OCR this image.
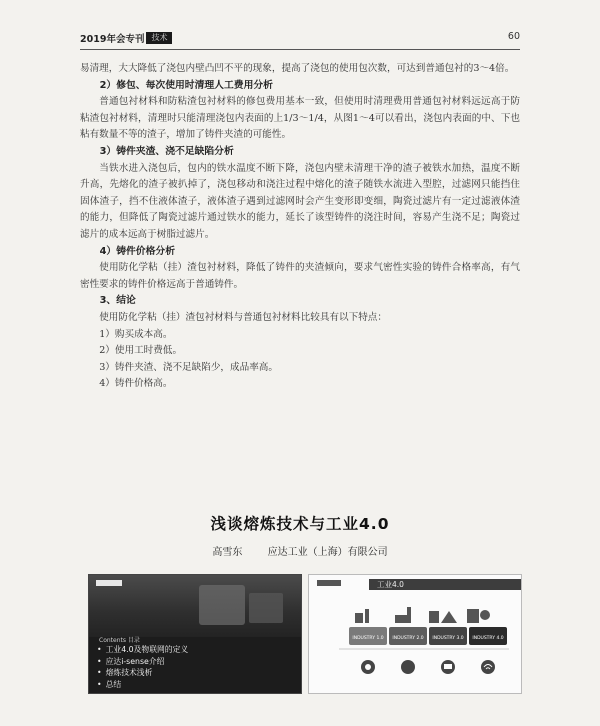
2019年会专刊 技术	60

易清理，大大降低了浇包内壁凸凹不平的现象，提高了浇包的使用包次数，可达到普通包衬的3～4倍。

2）修包、每次使用时清理人工费用分析

普通包衬材料和防粘渣包衬材料的修包费用基本一致，但使用时清理费用普通包衬材料远远高于防粘渣包衬材料，清理时只能清理浇包内表面的上1/3～1/4，从图1～4可以看出，浇包内表面的中、下也粘有数量不等的渣子，增加了铸件夹渣的可能性。

3）铸件夹渣、浇不足缺陷分析

当铁水进入浇包后，包内的铁水温度不断下降，浇包内壁未清理干净的渣子被铁水加热，温度不断升高，先熔化的渣子被扒掉了，浇包移动和浇注过程中熔化的渣子随铁水流进入型腔，过滤网只能挡住固体渣子，挡不住液体渣子，液体渣子遇到过滤网时会产生变形即变细，陶瓷过滤片有一定过滤液体渣的能力，但降低了陶瓷过滤片通过铁水的能力，延长了该型铸件的浇注时间，容易产生浇不足；陶瓷过滤片的成本远高于树脂过滤片。

4）铸件价格分析

使用防化学粘（挂）渣包衬材料，降低了铸件的夹渣倾向，要求气密性实验的铸件合格率高，有气密性要求的铸件价格远高于普通铸件。

3、结论

使用防化学粘（挂）渣包衬材料与普通包衬材料比较具有以下特点：

1）购买成本高。

2）使用工时费低。

3）铸件夹渣、浇不足缺陷少，成品率高。

4）铸件价格高。

浅谈熔炼技术与工业4.0
高雪东	应达工业（上海）有限公司
Contents 目录
• 工业4.0及物联网的定义
• 应达i-sense介绍
• 熔炼技术浅析
• 总结
工业4.0
INDUSTRY 1.0 INDUSTRY 2.0 INDUSTRY 3.0 INDUSTRY 4.0
